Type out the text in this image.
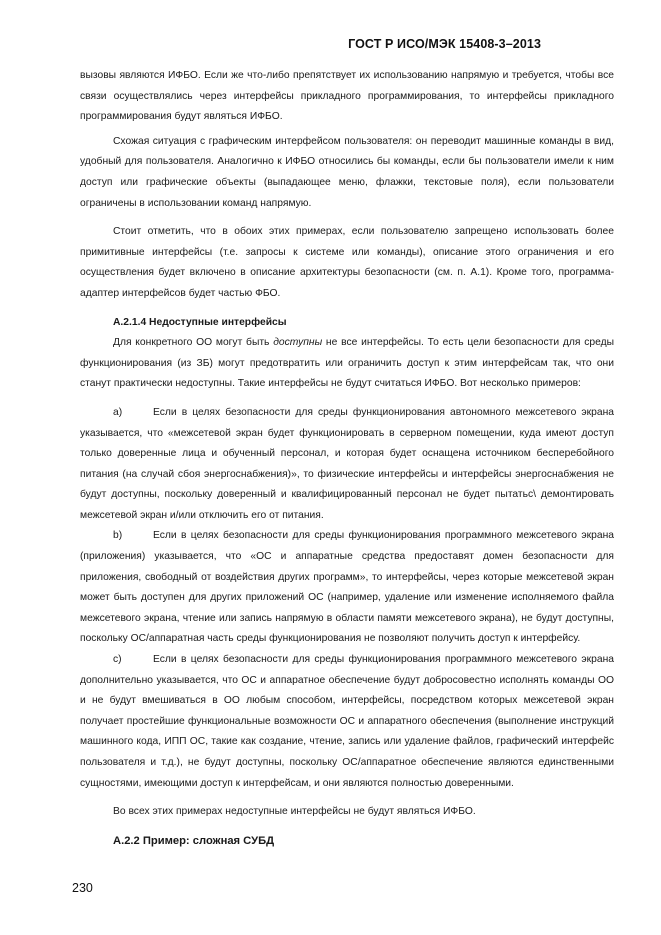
ГОСТ Р ИСО/МЭК 15408-3–2013

вызовы являются ИФБО. Если же что-либо препятствует их использованию напрямую и требуется, чтобы все связи осуществлялись через интерфейсы прикладного программирования, то интерфейсы прикладного программирования будут являться ИФБО.

Схожая ситуация с графическим интерфейсом пользователя: он переводит машинные команды в вид, удобный для пользователя. Аналогично к ИФБО относились бы команды, если бы пользователи имели к ним доступ или графические объекты (выпадающее меню, флажки, текстовые поля), если пользователи ограничены в использовании команд напрямую.

Стоит отметить, что в обоих этих примерах, если пользователю запрещено использовать более примитивные интерфейсы (т.е. запросы к системе или команды), описание этого ограничения и его осуществления будет включено в описание архитектуры безопасности (см. п. А.1). Кроме того, программа-адаптер интерфейсов будет частью ФБО.

А.2.1.4 Недоступные интерфейсы

Для конкретного ОО могут быть доступны не все интерфейсы. То есть цели безопасности для среды функционирования (из ЗБ) могут предотвратить или ограничить доступ к этим интерфейсам так, что они станут практически недоступны. Такие интерфейсы не будут считаться ИФБО. Вот несколько примеров:

a)	Если в целях безопасности для среды функционирования автономного межсетевого экрана указывается, что «межсетевой экран будет функционировать в серверном помещении, куда имеют доступ только доверенные лица и обученный персонал, и которая будет оснащена источником бесперебойного питания (на случай сбоя энергоснабжения)», то физические интерфейсы и интерфейсы энергоснабжения не будут доступны, поскольку доверенный и квалифицированный персонал не будет пытатьс\ демонтировать межсетевой экран и/или отключить его от питания.

b)	Если в целях безопасности для среды функционирования программного межсетевого экрана (приложения) указывается, что «ОС и аппаратные средства предоставят домен безопасности для приложения, свободный от воздействия других программ», то интерфейсы, через которые межсетевой экран может быть доступен для других приложений ОС (например, удаление или изменение исполняемого файла межсетевого экрана, чтение или запись напрямую в области памяти межсетевого экрана), не будут доступны, поскольку ОС/аппаратная часть среды функционирования не позволяют получить доступ к интерфейсу.

c)	Если в целях безопасности для среды функционирования программного межсетевого экрана дополнительно указывается, что ОС и аппаратное обеспечение будут добросовестно исполнять команды ОО и не будут вмешиваться в ОО любым способом, интерфейсы, посредством которых межсетевой экран получает простейшие функциональные возможности ОС и аппаратного обеспечения (выполнение инструкций машинного кода, ИПП ОС, такие как создание, чтение, запись или удаление файлов, графический интерфейс пользователя и т.д.), не будут доступны, поскольку ОС/аппаратное обеспечение являются единственными сущностями, имеющими доступ к интерфейсам, и они являются полностью доверенными.

Во всех этих примерах недоступные интерфейсы не будут являться ИФБО.

А.2.2 Пример: сложная СУБД
230
